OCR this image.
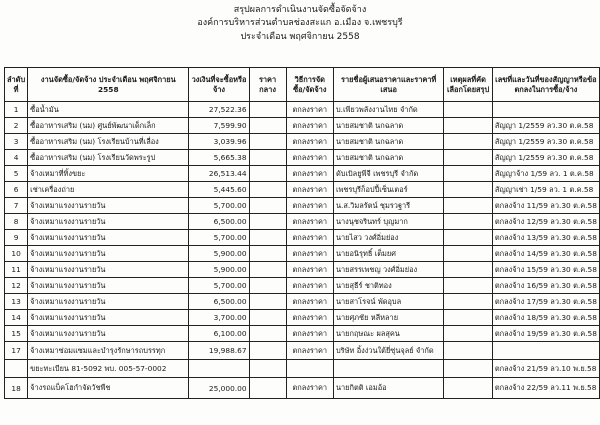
สรุปผลการดำเนินงานจัดซื้อจัดจ้าง
องค์การบริหารส่วนตำบลช่องสะแก อ.เมือง จ.เพชรบุรี
ประจำเดือน พฤศจิกายน 2558
ลำดับที่	งานจัดซื้อ/จัดจ้าง ประจำเดือน พฤศจิกายน 2558	วงเงินที่จะซื้อหรือจ้าง	ราคากลาง	วิธีการจัดซื้อ/จัดจ้าง	รายชื่อผู้เสนอราคาและราคาที่เสนอ	เหตุผลที่คัดเลือกโดยสรุป	เลขที่และวันที่ของสัญญาหรือข้อตกลงในการซื้อ/จ้าง
1	ซื้อน้ำมัน	27,522.36		ตกลงราคา	บ.เพียวพลังงานไทย จำกัด		
2	ซื้ออาหารเสริม (นม) ศูนย์พัฒนาเด็กเล็ก	7,599.90		ตกลงราคา	นายสมชาติ นกฉลาด		สัญญา 1/2559 ลว.30 ต.ค.58
3	ซื้ออาหารเสริม (นม) โรงเรียนบ้านที่เลื่อง	3,039.96		ตกลงราคา	นายสมชาติ นกฉลาด		สัญญา 1/2559 ลว.30 ต.ค.58
4	ซื้ออาหารเสริม (นม) โรงเรียนวัดพระรูป	5,665.38		ตกลงราคา	นายสมชาติ นกฉลาด		สัญญา 1/2559 ลว.30 ต.ค.58
5	จ้างเหมาที่ทิ้งขยะ	26,513.44		ตกลงราคา	ดับเบิลยูพีจี เพชรบุรี จำกัด		สัญญาจ้าง 1/59 ลว. 1 ต.ค.58
6	เช่าเครื่องถ่าย	5,445.60		ตกลงราคา	เพชรบุรีก็อปปี้เซ็นเตอร์		สัญญาเช่า 1/59 ลว. 1 ต.ค.58
7	จ้างเหมาแรงงานรายวัน	5,700.00		ตกลงราคา	น.ส.วิมลรัตน์ ชุมรวฐารี		ตกลงจ้าง 11/59 ลว.30 ต.ค.58
8	จ้างเหมาแรงงานรายวัน	6,500.00		ตกลงราคา	นางนุชจรินทร์ บุญมาก		ตกลงจ้าง 12/59 ลว.30 ต.ค.58
9	จ้างเหมาแรงงานรายวัน	5,700.00		ตกลงราคา	นายไสว วงศ์อิ่มย่อง		ตกลงจ้าง 13/59 ลว.30 ต.ค.58
10	จ้างเหมาแรงงานรายวัน	5,900.00		ตกลงราคา	นายอนิรุทธิ์ เต็มยศ		ตกลงจ้าง 14/59 ลว.30 ต.ค.58
11	จ้างเหมาแรงงานรายวัน	5,900.00		ตกลงราคา	นายสรรเพชญ วงศ์อิ่มย่อง		ตกลงจ้าง 15/59 ลว.30 ต.ค.58
12	จ้างเหมาแรงงานรายวัน	5,700.00		ตกลงราคา	นายสุธีร์ ชาติทอง		ตกลงจ้าง 16/59 ลว.30 ต.ค.58
13	จ้างเหมาแรงงานรายวัน	6,500.00		ตกลงราคา	นายสาโรจน์ พัดอุบล		ตกลงจ้าง 17/59 ลว.30 ต.ค.58
14	จ้างเหมาแรงงานรายวัน	3,700.00		ตกลงราคา	นายศุภชัย หลีหลาย		ตกลงจ้าง 18/59 ลว.30 ต.ค.58
15	จ้างเหมาแรงงานรายวัน	6,100.00		ตกลงราคา	นายกฤษณะ ผลสุคน		ตกลงจ้าง 19/59 ลว.30 ต.ค.58
17	จ้างเหมาซ่อมแซมและบำรุงรักษารถบรรทุก	19,988.67		ตกลงราคา	บริษัท อิ้งง่วนใต้ยี่ซุ่นจุลย์ จำกัด		
	ขยะทะเบียน 81-5092 พบ. 005-57-0002						ตกลงจ้าง 21/59 ลว.10 พ.ย.58
18	จ้างรถแบ็คโฮกำจัดวัชพืช	25,000.00		ตกลงราคา	นายกิตติ เอมอ้อ		ตกลงจ้าง 22/59 ลว.11 พ.ย.58
